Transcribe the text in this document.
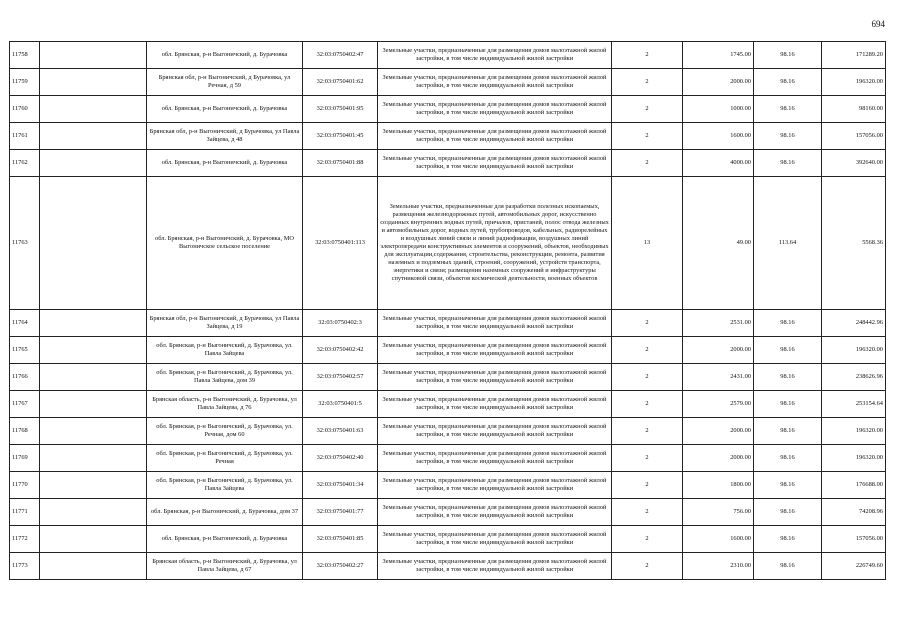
694
11758		обл. Брянская, р-н Выгоничский, д. Бурачовка	32:03:0750402:47	Земельные участки, предназначенные для размещения домов малоэтажной жилой застройки, в том числе индивидуальной жилой застройки	2	1745.00	98.16	171289.20
11759		Брянская обл, р-н Выгоничский, д Бурачовка, ул Речная, д 59	32:03:0750401:62	Земельные участки, предназначенные для размещения домов малоэтажной жилой застройки, в том числе индивидуальной жилой застройки	2	2000.00	98.16	196320.00
11760		обл. Брянская, р-н Выгоничский, д. Бурачовка	32:03:0750401:95	Земельные участки, предназначенные для размещения домов малоэтажной жилой застройки, в том числе индивидуальной жилой застройки	2	1000.00	98.16	98160.00
11761		Брянская обл, р-н Выгоничский, д Бурачовка, ул Павла Зайцева, д 48	32:03:0750401:45	Земельные участки, предназначенные для размещения домов малоэтажной жилой застройки, в том числе индивидуальной жилой застройки	2	1600.00	98.16	157056.00
11762		обл. Брянская, р-н Выгоничский, д. Бурачовка	32:03:0750401:88	Земельные участки, предназначенные для размещения домов малоэтажной жилой застройки, в том числе индивидуальной жилой застройки	2	4000.00	98.16	392640.00
11763		обл. Брянская, р-н Выгоничский, д. Бурачовка, МО Выгоничское сельское поселение	32:03:0750401:113	Земельные участки, предназначенные для разработки полезных ископаемых, размещения железнодорожных путей, автомобильных дорог, искусственно созданных внутренних водных путей, причалов, пристаней, полос отвода железных и автомобильных дорог, водных путей, трубопроводов, кабельных, радиорелейных и воздушных линий связи и линий радиофикации, воздушных линий электропередачи конструктивных элементов и сооружений, объектов, необходимых для эксплуатации,содержания, строительства, реконструкции, ремонта, развития наземных и подземных зданий, строений, сооружений, устройств транспорта, энергетики и связи; размещения наземных сооружений и инфраструктуры спутниковой связи, объектов космической деятельности, военных объектов	13	49.00	113.64	5568.36
11764		Брянская обл, р-н Выгоничский, д Бурачовка, ул Павла Зайцева, д 19	32:03:0750402:3	Земельные участки, предназначенные для размещения домов малоэтажной жилой застройки, в том числе индивидуальной жилой застройки	2	2531.00	98.16	248442.96
11765		обл. Брянская, р-н Выгоничский, д. Бурачовка, ул. Павла Зайцева	32:03:0750402:42	Земельные участки, предназначенные для размещения домов малоэтажной жилой застройки, в том числе индивидуальной жилой застройки	2	2000.00	98.16	196320.00
11766		обл. Брянская, р-н Выгоничский, д. Бурачовка, ул. Павла Зайцева, дом 39	32:03:0750402:57	Земельные участки, предназначенные для размещения домов малоэтажной жилой застройки, в том числе индивидуальной жилой застройки	2	2431.00	98.16	238626.96
11767		Брянская область, р-н Выгоничский, д. Бурачовка, ул Павла Зайцева, д 76	32:03:0750401:5	Земельные участки, предназначенные для размещения домов малоэтажной жилой застройки, в том числе индивидуальной жилой застройки	2	2579.00	98.16	253154.64
11768		обл. Брянская, р-н Выгоничский, д. Бурачовка, ул. Речная, дом 60	32:03:0750401:63	Земельные участки, предназначенные для размещения домов малоэтажной жилой застройки, в том числе индивидуальной жилой застройки	2	2000.00	98.16	196320.00
11769		обл. Брянская, р-н Выгоничский, д. Бурачовка, ул. Речная	32:03:0750402:40	Земельные участки, предназначенные для размещения домов малоэтажной жилой застройки, в том числе индивидуальной жилой застройки	2	2000.00	98.16	196320.00
11770		обл. Брянская, р-н Выгоничский, д. Бурачовка, ул. Павла Зайцева	32:03:0750401:34	Земельные участки, предназначенные для размещения домов малоэтажной жилой застройки, в том числе индивидуальной жилой застройки	2	1800.00	98.16	176688.00
11771		обл. Брянская, р-н Выгоничский, д. Бурачовка, дом 37	32:03:0750401:77	Земельные участки, предназначенные для размещения домов малоэтажной жилой застройки, в том числе индивидуальной жилой застройки	2	756.00	98.16	74208.96
11772		обл. Брянская, р-н Выгоничский, д. Бурачовка	32:03:0750401:85	Земельные участки, предназначенные для размещения домов малоэтажной жилой застройки, в том числе индивидуальной жилой застройки	2	1600.00	98.16	157056.00
11773		Брянская область, р-н Выгоничский, д. Бурачовка, ул Павла Зайцева, д 67	32:03:0750402:27	Земельные участки, предназначенные для размещения домов малоэтажной жилой застройки, в том числе индивидуальной жилой застройки	2	2310.00	98.16	226749.60
